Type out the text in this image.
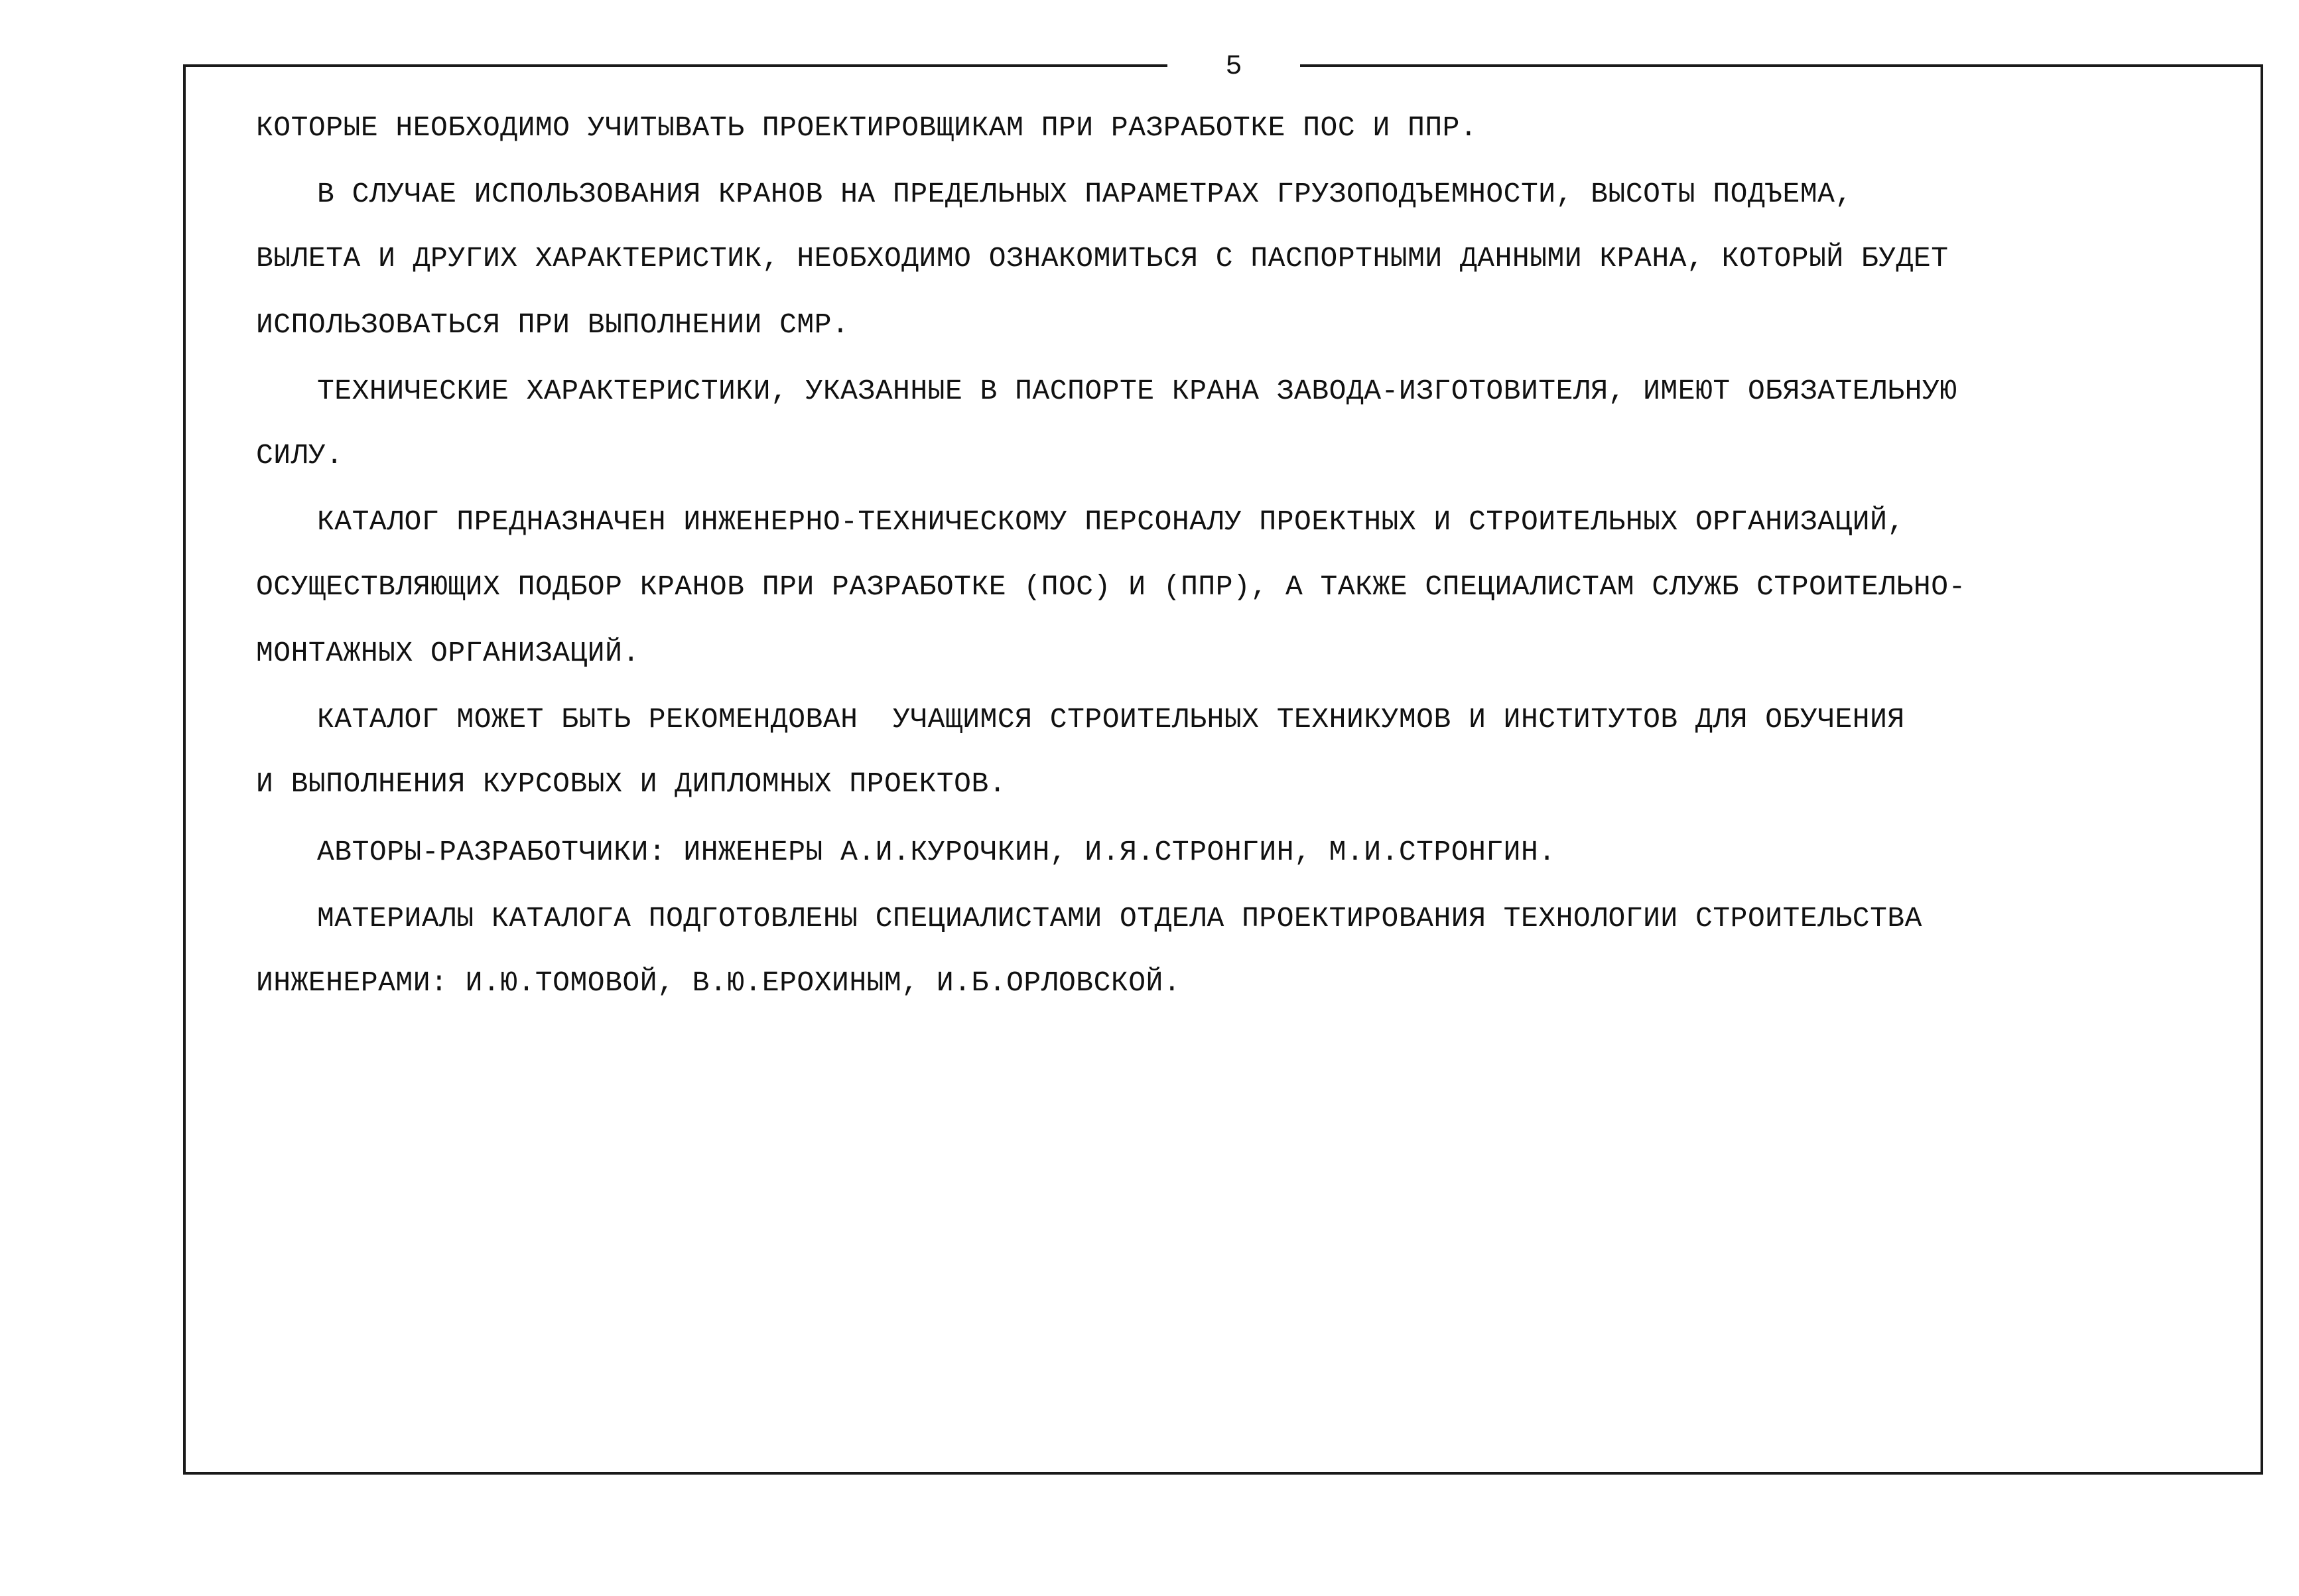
5

КОТОРЫЕ НЕОБХОДИМО УЧИТЫВАТЬ ПРОЕКТИРОВЩИКАМ ПРИ РАЗРАБОТКЕ ПОС И ППР.

В СЛУЧАЕ ИСПОЛЬЗОВАНИЯ КРАНОВ НА ПРЕДЕЛЬНЫХ ПАРАМЕТРАХ ГРУЗОПОДЪЕМНОСТИ, ВЫСОТЫ ПОДЪЕМА,

ВЫЛЕТА И ДРУГИХ ХАРАКТЕРИСТИК, НЕОБХОДИМО ОЗНАКОМИТЬСЯ С ПАСПОРТНЫМИ ДАННЫМИ КРАНА, КОТОРЫЙ БУДЕТ

ИСПОЛЬЗОВАТЬСЯ ПРИ ВЫПОЛНЕНИИ СМР.

ТЕХНИЧЕСКИЕ ХАРАКТЕРИСТИКИ, УКАЗАННЫЕ В ПАСПОРТЕ КРАНА ЗАВОДА-ИЗГОТОВИТЕЛЯ, ИМЕЮТ ОБЯЗАТЕЛЬНУЮ

СИЛУ.

КАТАЛОГ ПРЕДНАЗНАЧЕН ИНЖЕНЕРНО-ТЕХНИЧЕСКОМУ ПЕРСОНАЛУ ПРОЕКТНЫХ И СТРОИТЕЛЬНЫХ ОРГАНИЗАЦИЙ,

ОСУЩЕСТВЛЯЮЩИХ ПОДБОР КРАНОВ ПРИ РАЗРАБОТКЕ (ПОС) И (ППР), А ТАКЖЕ СПЕЦИАЛИСТАМ СЛУЖБ СТРОИТЕЛЬНО-

МОНТАЖНЫХ ОРГАНИЗАЦИЙ.

КАТАЛОГ МОЖЕТ БЫТЬ РЕКОМЕНДОВАН  УЧАЩИМСЯ СТРОИТЕЛЬНЫХ ТЕХНИКУМОВ И ИНСТИТУТОВ ДЛЯ ОБУЧЕНИЯ

И ВЫПОЛНЕНИЯ КУРСОВЫХ И ДИПЛОМНЫХ ПРОЕКТОВ.

АВТОРЫ-РАЗРАБОТЧИКИ: ИНЖЕНЕРЫ А.И.КУРОЧКИН, И.Я.СТРОНГИН, М.И.СТРОНГИН.

МАТЕРИАЛЫ КАТАЛОГА ПОДГОТОВЛЕНЫ СПЕЦИАЛИСТАМИ ОТДЕЛА ПРОЕКТИРОВАНИЯ ТЕХНОЛОГИИ СТРОИТЕЛЬСТВА

ИНЖЕНЕРАМИ: И.Ю.ТОМОВОЙ, В.Ю.ЕРОХИНЫМ, И.Б.ОРЛОВСКОЙ.
